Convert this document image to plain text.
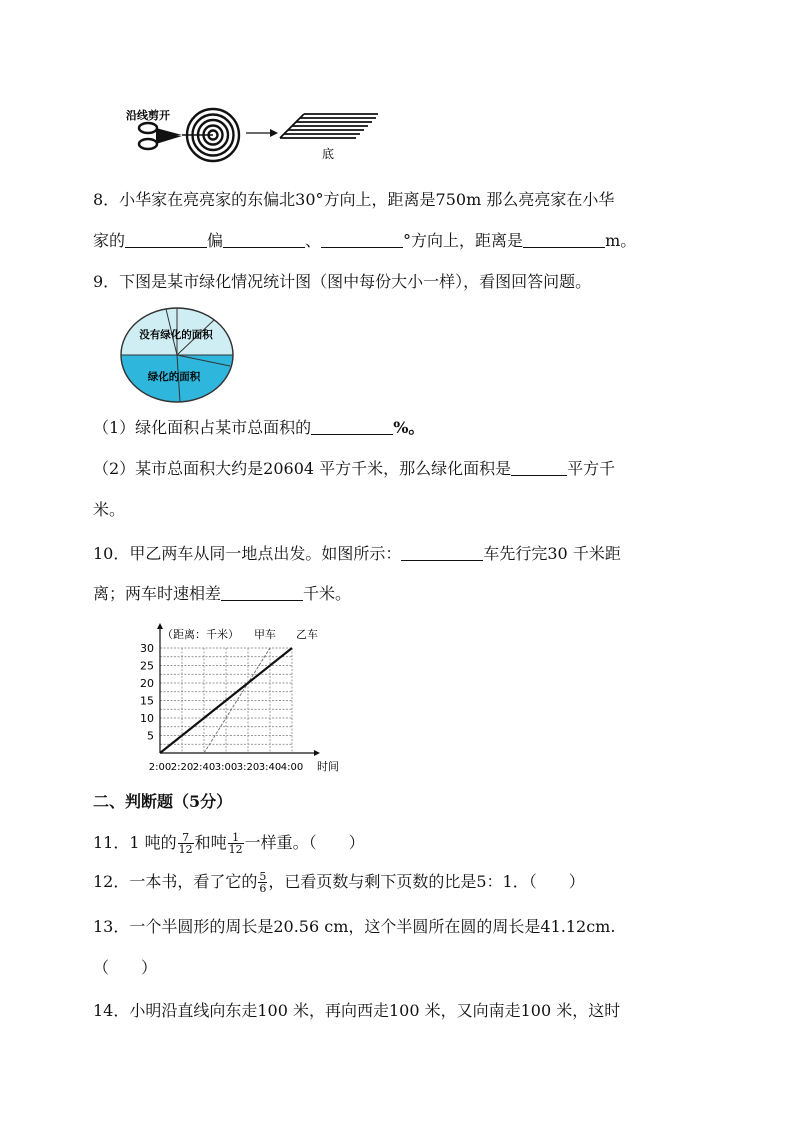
沿线剪开
底
8．小华家在亮亮家的东偏北30°方向上，距离是750m 那么亮亮家在小华
家的	偏	、	°方向上，距离是	m。
9．下图是某市绿化情况统计图（图中每份大小一样），看图回答问题。
没有绿化的面积
绿化的面积
（1）绿化面积占某市总面积的	%。
（2）某市总面积大约是20604 平方千米，那么绿化面积是	平方千
米。
10．甲乙两车从同一地点出发。如图所示：	车先行完30 千米距
离；两车时速相差	千米。
5
10
15
20
25
30
2:00 2:20 2:40 3:00 3:20 3:40 4:00 时间
（距离：千米） 甲车 乙车
二、判断题（5分）
11．1 吨的 $\frac{7}{12}$ 和吨 $\frac{1}{12}$ 一样重。（　　）
12．一本书，看了它的 $\frac{5}{6}$ ，已看页数与剩下页数的比是5：1．（　　）
13．一个半圆形的周长是20.56 cm，这个半圆所在圆的周长是41.12cm.
（　　）
14．小明沿直线向东走100 米，再向西走100 米，又向南走100 米，这时
